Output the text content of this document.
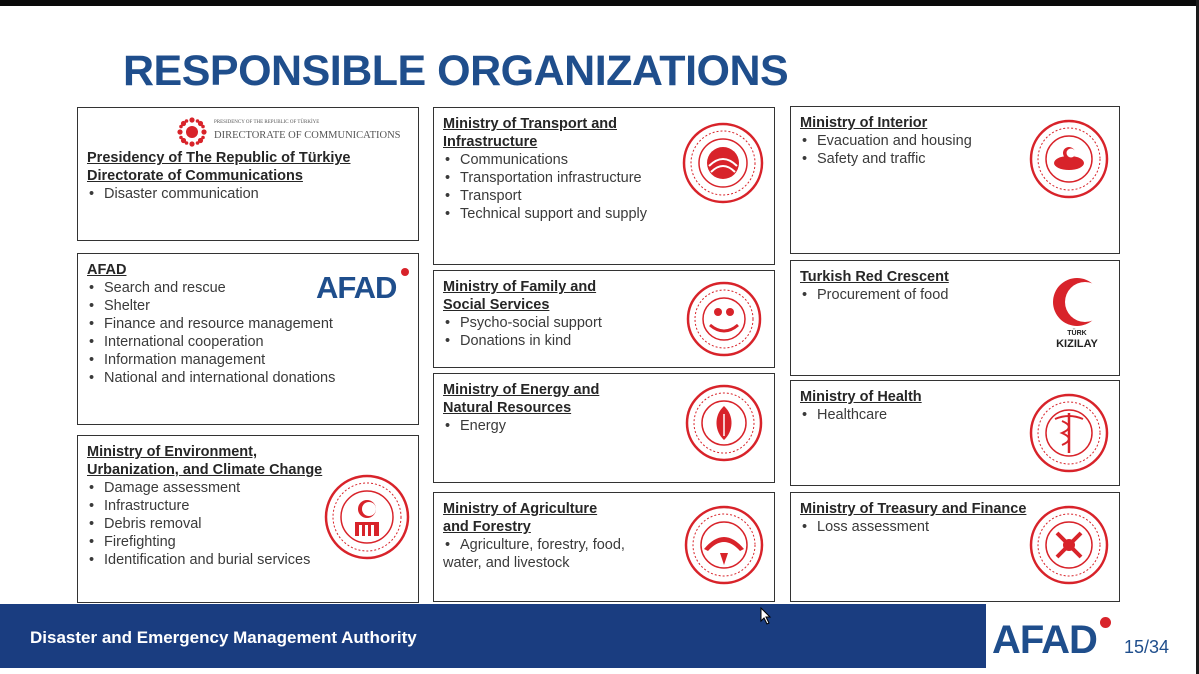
RESPONSIBLE ORGANIZATIONS
PRESIDENCY OF THE REPUBLIC OF TÜRKİYE
DIRECTORATE OF COMMUNICATIONS
Presidency of The Republic of Türkiye
Directorate of Communications
• Disaster communication
AFAD
• Search and rescue
• Shelter
• Finance and resource management
• International cooperation
• Information management
• National and international donations
AFAD
Ministry of Environment,
Urbanization, and Climate Change
• Damage assessment
• Infrastructure
• Debris removal
• Firefighting
• Identification and burial services
Ministry of Transport and
Infrastructure
• Communications
• Transportation infrastructure
• Transport
• Technical support and supply
Ministry of Family and
Social Services
• Psycho-social support
• Donations in kind
Ministry of Energy and
Natural Resources
• Energy
Ministry of Agriculture
and Forestry
• Agriculture, forestry, food,
water, and livestock
Ministry of Interior
• Evacuation and housing
• Safety and traffic
Turkish Red Crescent
• Procurement of food
TÜRK
KIZILAY
Ministry of Health
• Healthcare
Ministry of Treasury and Finance
• Loss assessment
Disaster and Emergency Management Authority	AFAD 15/34
